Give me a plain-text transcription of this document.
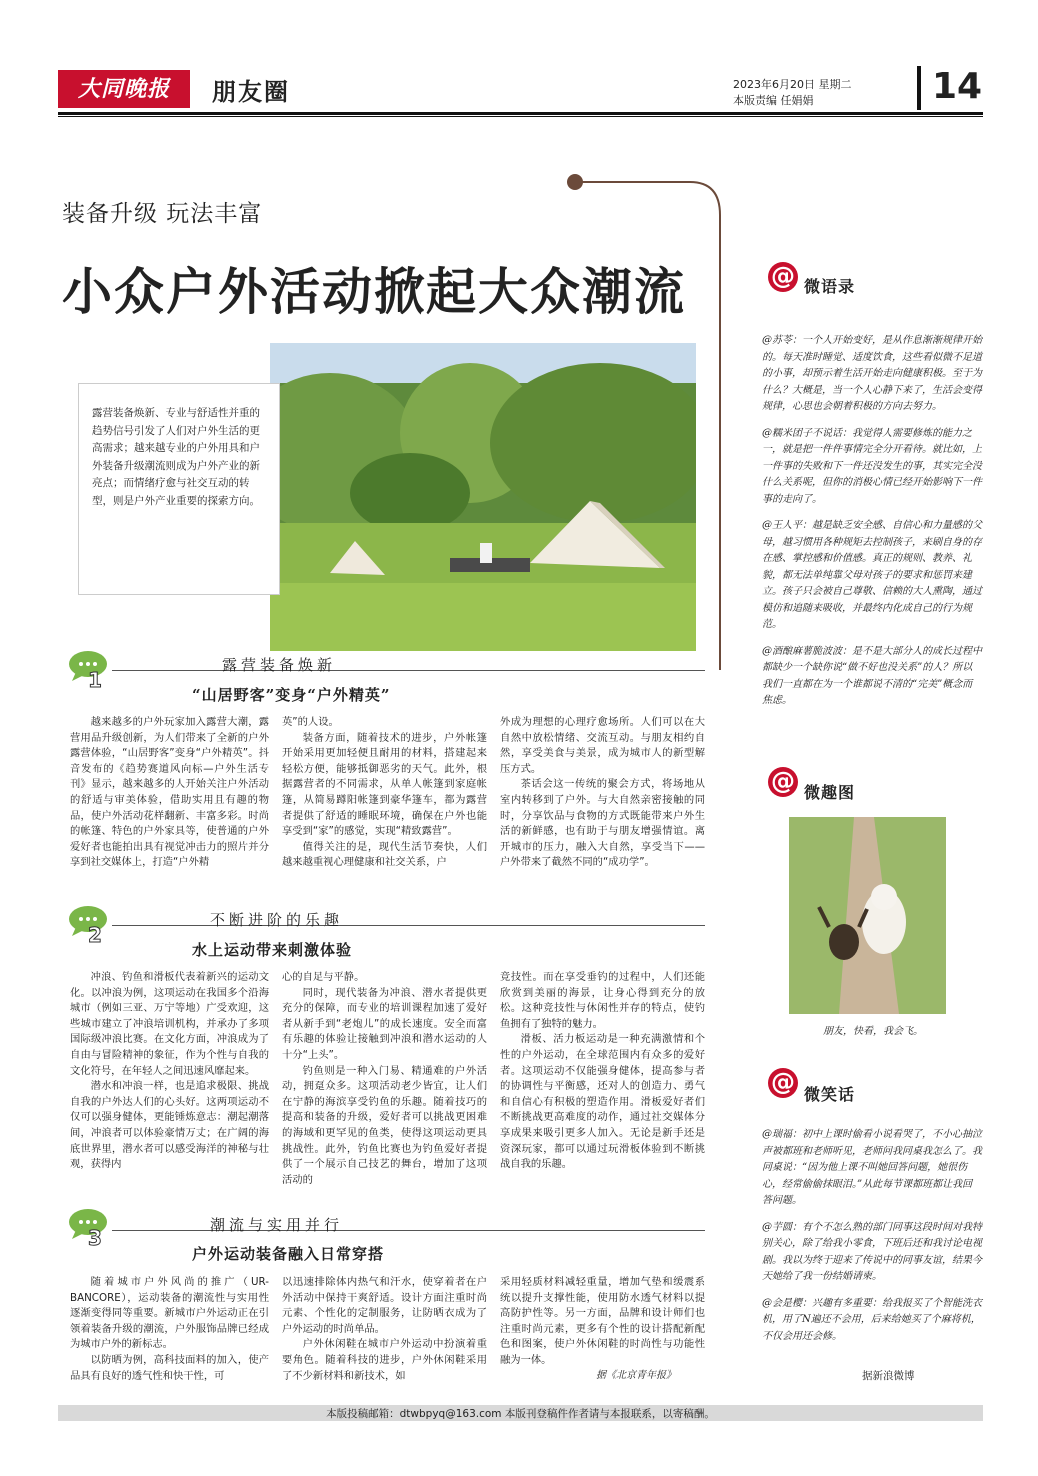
大同晚报	朋友圈	2023年6月20日 星期二
本版责编 任娟娟	14
装备升级 玩法丰富
小众户外活动掀起大众潮流
露营装备焕新、专业与舒适性并重的趋势信号引发了人们对户外生活的更高需求；越来越专业的户外用具和户外装备升级潮流则成为户外产业的新亮点；而情绪疗愈与社交互动的转型，则是户外产业重要的探索方向。
1
露营装备焕新
“山居野客”变身“户外精英”

越来越多的户外玩家加入露营大潮，露营用品升级创新，为人们带来了全新的户外露营体验，“山居野客”变身“户外精英”。抖音发布的《趋势赛道风向标—户外生活专刊》显示，越来越多的人开始关注户外活动的舒适与审美体验，借助实用且有趣的物品，使户外活动花样翻新、丰富多彩。时尚的帐篷、特色的户外家具等，使普通的户外爱好者也能拍出具有视觉冲击力的照片并分享到社交媒体上，打造“户外精

英”的人设。

装备方面，随着技术的进步，户外帐篷开始采用更加轻便且耐用的材料，搭建起来轻松方便，能够抵御恶劣的天气。此外，根据露营者的不同需求，从单人帐篷到家庭帐篷，从简易蹲阳帐篷到豪华篷车，都为露营者提供了舒适的睡眠环境，确保在户外也能享受到“家”的感觉，实现“精致露营”。

值得关注的是，现代生活节奏快，人们越来越重视心理健康和社交关系，户

外成为理想的心理疗愈场所。人们可以在大自然中放松情绪、交流互动。与朋友相约自然，享受美食与美景，成为城市人的新型解压方式。

茶话会这一传统的聚会方式，将场地从室内转移到了户外。与大自然亲密接触的同时，分享饮品与食物的方式既能带来户外生活的新鲜感，也有助于与朋友增强情谊。离开城市的压力，融入大自然，享受当下——户外带来了截然不同的“成功学”。

2
不断进阶的乐趣
水上运动带来刺激体验

冲浪、钓鱼和滑板代表着新兴的运动文化。以冲浪为例，这项运动在我国多个沿海城市（例如三亚、万宁等地）广受欢迎，这些城市建立了冲浪培训机构，并承办了多项国际级冲浪比赛。在文化方面，冲浪成为了自由与冒险精神的象征，作为个性与自我的文化符号，在年轻人之间迅速风靡起来。

潜水和冲浪一样，也是追求极限、挑战自我的户外达人们的心头好。这两项运动不仅可以强身健体，更能锤炼意志：潮起潮落间，冲浪者可以体验豪情万丈；在广阔的海底世界里，潜水者可以感受海洋的神秘与壮观，获得内

心的自足与平静。

同时，现代装备为冲浪、潜水者提供更充分的保障，而专业的培训课程加速了爱好者从新手到“老炮儿”的成长速度。安全而富有乐趣的体验让接触到冲浪和潜水运动的人十分“上头”。

钓鱼则是一种入门易、精通难的户外活动，拥趸众多。这项活动老少皆宜，让人们在宁静的海滨享受钓鱼的乐趣。随着技巧的提高和装备的升级，爱好者可以挑战更困难的海域和更罕见的鱼类，使得这项运动更具挑战性。此外，钓鱼比赛也为钓鱼爱好者提供了一个展示自己技艺的舞台，增加了这项活动的

竞技性。而在享受垂钓的过程中，人们还能欣赏到美丽的海景，让身心得到充分的放松。这种竞技性与休闲性并存的特点，使钓鱼拥有了独特的魅力。

滑板、活力板运动是一种充满激情和个性的户外运动，在全球范围内有众多的爱好者。这项运动不仅能强身健体，提高参与者的协调性与平衡感，还对人的创造力、勇气和自信心有积极的塑造作用。滑板爱好者们不断挑战更高难度的动作，通过社交媒体分享成果来吸引更多人加入。无论是新手还是资深玩家，都可以通过玩滑板体验到不断挑战自我的乐趣。

3
潮流与实用并行
户外运动装备融入日常穿搭

随着城市户外风尚的推广（UR-BANCORE），运动装备的潮流性与实用性逐渐变得同等重要。新城市户外运动正在引领着装备升级的潮流，户外服饰品牌已经成为城市户外的新标志。

以防晒为例，高科技面料的加入，使产品具有良好的透气性和快干性，可

以迅速排除体内热气和汗水，使穿着者在户外活动中保持干爽舒适。设计方面注重时尚元素、个性化的定制服务，让防晒衣成为了户外运动的时尚单品。

户外休闲鞋在城市户外运动中扮演着重要角色。随着科技的进步，户外休闲鞋采用了不少新材料和新技术，如

采用轻质材料减轻重量，增加气垫和缓震系统以提升支撑性能，使用防水透气材料以提高防护性等。另一方面，品牌和设计师们也注重时尚元素，更多有个性的设计搭配新配色和图案，使户外休闲鞋的时尚性与功能性融为一体。

据《北京青年报》
@ 微语录

@苏苓：一个人开始变好，是从作息渐渐规律开始的。每天准时睡觉、适度饮食，这些看似微不足道的小事，却预示着生活开始走向健康积极。至于为什么？大概是，当一个人心静下来了，生活会变得规律，心思也会朝着积极的方向去努力。

@糯米团子不说话：我觉得人需要修炼的能力之一，就是把一件件事情完全分开看待。就比如，上一件事的失败和下一件还没发生的事，其实完全没什么关系呢，但你的消极心情已经开始影响下一件事的走向了。

@王人平：越是缺乏安全感、自信心和力量感的父母，越习惯用各种规矩去控制孩子，来刷自身的存在感、掌控感和价值感。真正的规则、教养、礼貌，都无法单纯靠父母对孩子的要求和惩罚来建立。孩子只会被自己尊敬、信赖的大人熏陶，通过模仿和追随来吸收，并最终内化成自己的行为规范。

@酒酿麻薯脆波波：是不是大部分人的成长过程中都缺少一个缺你说“做不好也没关系”的人？所以我们一直都在为一个谁都说不清的“完美”概念而焦虑。

@ 微趣图
朋友，快看，我会飞。
@ 微笑话

@瑞福：初中上课时偷看小说看哭了，不小心抽泣声被都班和老师听见，老师问我同桌我怎么了。我同桌说：“因为他上课不叫她回答问题，她很伤心，经常偷偷抹眼泪。”从此每节课都班都让我回答问题。

@芋圆：有个不怎么熟的部门同事这段时间对我特别关心，除了给我小零食，下班后还和我讨论电视剧。我以为终于迎来了传说中的同事友谊，结果今天她给了我一份结婚请柬。

@会是樱：兴趣有多重要：给我报买了个智能洗衣机，用了N遍还不会用，后来给她买了个麻将机，不仅会用还会修。

据新浪微博
本版投稿邮箱：dtwbpyq@163.com 本版刊登稿件作者请与本报联系，以寄稿酬。
